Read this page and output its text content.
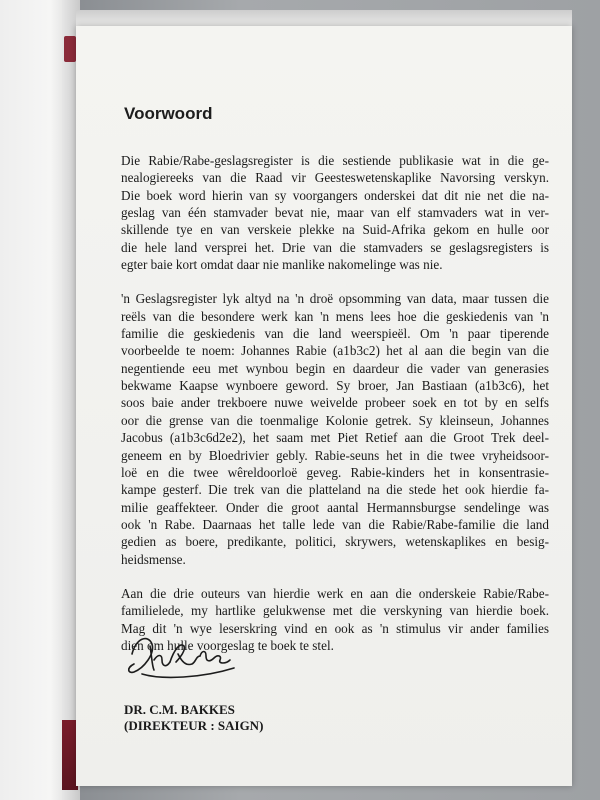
Voorwoord

Die Rabie/Rabe-geslagsregister is die sestiende publikasie wat in die ge-
nealogiereeks van die Raad vir Geesteswetenskaplike Navorsing verskyn.
Die boek word hierin van sy voorgangers onderskei dat dit nie net die na-
geslag van één stamvader bevat nie, maar van elf stamvaders wat in ver-
skillende tye en van verskeie plekke na Suid-Afrika gekom en hulle oor
die hele land versprei het. Drie van die stamvaders se geslagsregisters is
egter baie kort omdat daar nie manlike nakomelinge was nie.

'n Geslagsregister lyk altyd na 'n droë opsomming van data, maar tussen die
reëls van die besondere werk kan 'n mens lees hoe die geskiedenis van 'n
familie die geskiedenis van die land weerspieël. Om 'n paar tiperende
voorbeelde te noem: Johannes Rabie (a1b3c2) het al aan die begin van die
negentiende eeu met wynbou begin en daardeur die vader van generasies
bekwame Kaapse wynboere geword. Sy broer, Jan Bastiaan (a1b3c6), het
soos baie ander trekboere nuwe weivelde probeer soek en tot by en selfs
oor die grense van die toenmalige Kolonie getrek. Sy kleinseun, Johannes
Jacobus (a1b3c6d2e2), het saam met Piet Retief aan die Groot Trek deel-
geneem en by Bloedrivier gebly. Rabie-seuns het in die twee vryheidsoor-
loë en die twee wêreldoorloë geveg. Rabie-kinders het in konsentrasie-
kampe gesterf. Die trek van die platteland na die stede het ook hierdie fa-
milie geaffekteer. Onder die groot aantal Hermannsburgse sendelinge was
ook 'n Rabe. Daarnaas het talle lede van die Rabie/Rabe-familie die land
gedien as boere, predikante, politici, skrywers, wetenskaplikes en besig-
heidsmense.

Aan die drie outeurs van hierdie werk en aan die onderskeie Rabie/Rabe-
familielede, my hartlike gelukwense met die verskyning van hierdie boek.
Mag dit 'n wye leserskring vind en ook as 'n stimulus vir ander families
dien om hulle voorgeslag te boek te stel.

DR. C.M. BAKKES
(DIREKTEUR : SAIGN)
